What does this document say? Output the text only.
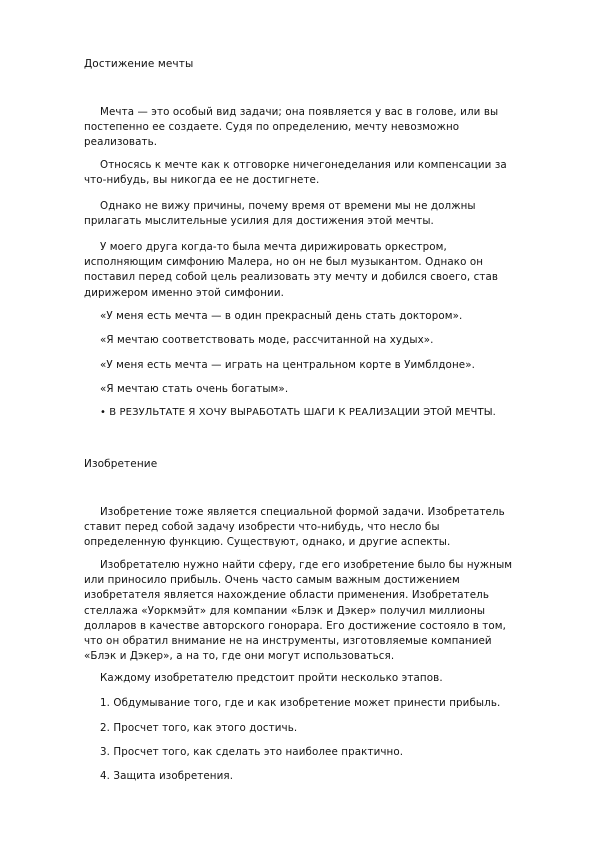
Достижение мечты

Мечта — это особый вид задачи; она появляется у вас в голове, или вы постепенно ее создаете. Судя по определению, мечту невозможно реализовать.

Относясь к мечте как к отговорке ничегонеделания или компенсации за что-нибудь, вы никогда ее не достигнете.

Однако не вижу причины, почему время от времени мы не должны прилагать мыслительные усилия для достижения этой мечты.

У моего друга когда-то была мечта дирижировать оркестром, исполняющим симфонию Малера, но он не был музыкантом. Однако он поставил перед собой цель реализовать эту мечту и добился своего, став дирижером именно этой симфонии.

«У меня есть мечта — в один прекрасный день стать доктором».

«Я мечтаю соответствовать моде, рассчитанной на худых».

«У меня есть мечта — играть на центральном корте в Уимблдоне».

«Я мечтаю стать очень богатым».

• В РЕЗУЛЬТАТЕ Я ХОЧУ ВЫРАБОТАТЬ ШАГИ К РЕАЛИЗАЦИИ ЭТОЙ МЕЧТЫ.

Изобретение

Изобретение тоже является специальной формой задачи. Изобретатель ставит перед собой задачу изобрести что-нибудь, что несло бы определенную функцию. Существуют, однако, и другие аспекты.

Изобретателю нужно найти сферу, где его изобретение было бы нужным или приносило прибыль. Очень часто самым важным достижением изобретателя является нахождение области применения. Изобретатель стеллажа «Уоркмэйт» для компании «Блэк и Дэкер» получил миллионы долларов в качестве авторского гонорара. Его достижение состояло в том, что он обратил внимание не на инструменты, изготовляемые компанией «Блэк и Дэкер», а на то, где они могут использоваться.

Каждому изобретателю предстоит пройти несколько этапов.

1. Обдумывание того, где и как изобретение может принести прибыль.

2. Просчет того, как этого достичь.

3. Просчет того, как сделать это наиболее практично.

4. Защита изобретения.
